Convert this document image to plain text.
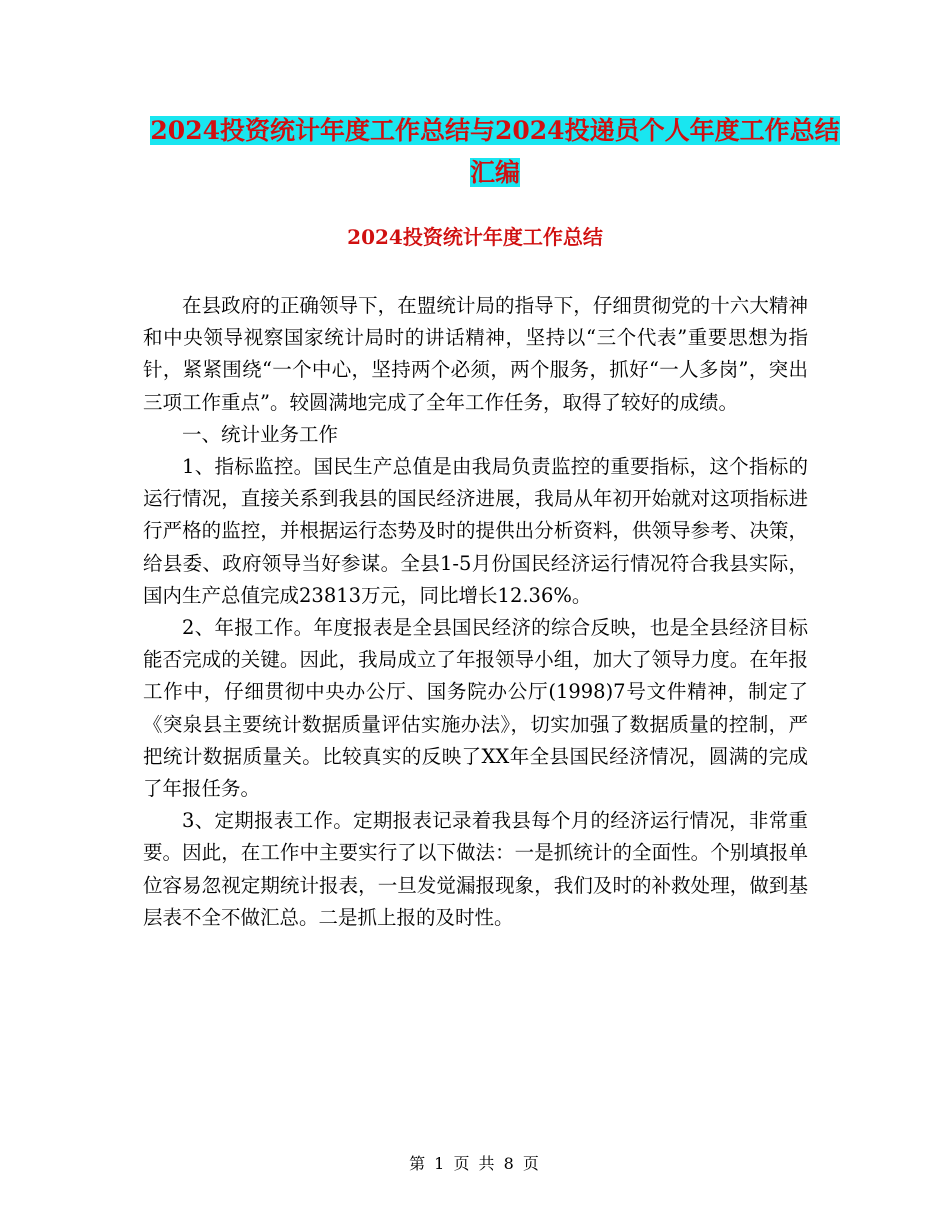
2024投资统计年度工作总结与2024投递员个人年度工作总结汇编
2024投资统计年度工作总结

在县政府的正确领导下，在盟统计局的指导下，仔细贯彻党的十六大精神和中央领导视察国家统计局时的讲话精神，坚持以“三个代表”重要思想为指针，紧紧围绕“一个中心，坚持两个必须，两个服务，抓好“一人多岗”，突出三项工作重点”。较圆满地完成了全年工作任务，取得了较好的成绩。

一、统计业务工作

1、指标监控。国民生产总值是由我局负责监控的重要指标，这个指标的运行情况，直接关系到我县的国民经济进展，我局从年初开始就对这项指标进行严格的监控，并根据运行态势及时的提供出分析资料，供领导参考、决策，给县委、政府领导当好参谋。全县1-5月份国民经济运行情况符合我县实际，国内生产总值完成23813万元，同比增长12.36%。

2、年报工作。年度报表是全县国民经济的综合反映，也是全县经济目标能否完成的关键。因此，我局成立了年报领导小组，加大了领导力度。在年报工作中，仔细贯彻中央办公厅、国务院办公厅(1998)7号文件精神，制定了《突泉县主要统计数据质量评估实施办法》，切实加强了数据质量的控制，严把统计数据质量关。比较真实的反映了XX年全县国民经济情况，圆满的完成了年报任务。

3、定期报表工作。定期报表记录着我县每个月的经济运行情况，非常重要。因此，在工作中主要实行了以下做法：一是抓统计的全面性。个别填报单位容易忽视定期统计报表，一旦发觉漏报现象，我们及时的补救处理，做到基层表不全不做汇总。二是抓上报的及时性。

第 1 页 共 8 页
